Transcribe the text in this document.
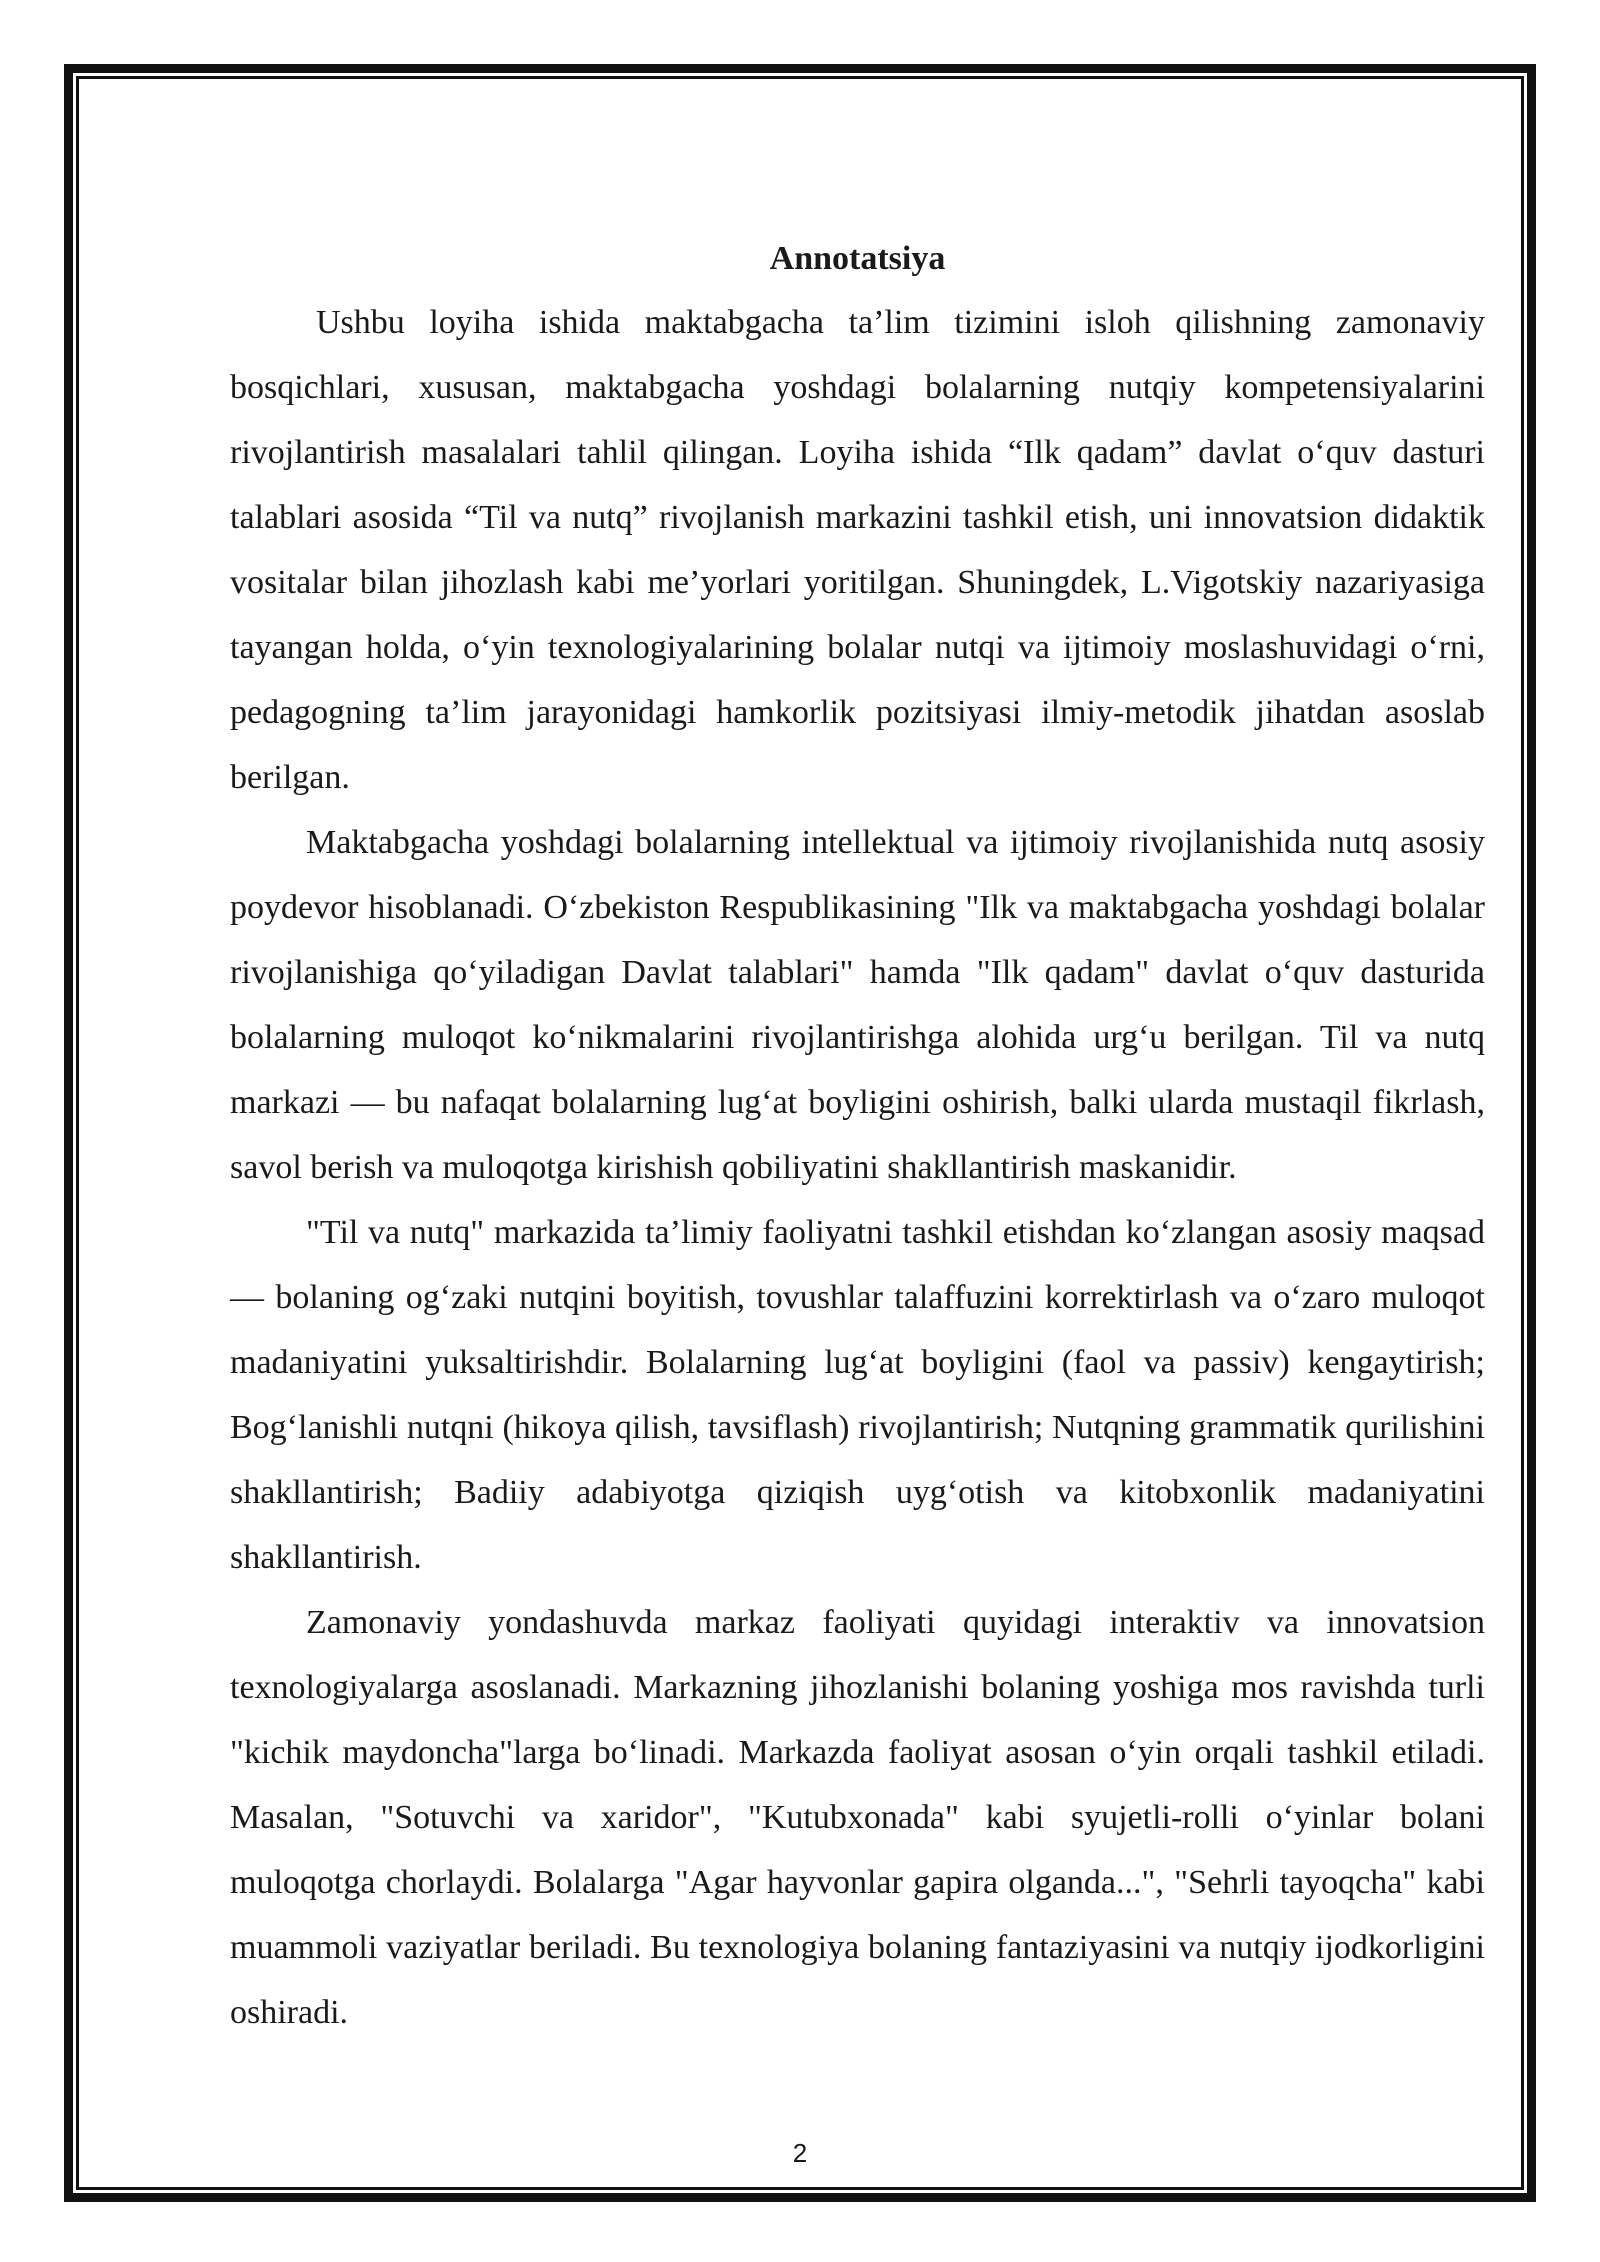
Annotatsiya

Ushbu loyiha ishida maktabgacha ta’lim tizimini isloh qilishning zamonaviy bosqichlari, xususan, maktabgacha yoshdagi bolalarning nutqiy kompetensiyalarini rivojlantirish masalalari tahlil qilingan. Loyiha ishida “Ilk qadam” davlat o‘quv dasturi talablari asosida “Til va nutq” rivojlanish markazini tashkil etish, uni innovatsion didaktik vositalar bilan jihozlash kabi me’yorlari yoritilgan. Shuningdek, L.Vigotskiy nazariyasiga tayangan holda, o‘yin texnologiyalarining bolalar nutqi va ijtimoiy moslashuvidagi o‘rni, pedagogning ta’lim jarayonidagi hamkorlik pozitsiyasi ilmiy-metodik jihatdan asoslab berilgan.

Maktabgacha yoshdagi bolalarning intellektual va ijtimoiy rivojlanishida nutq asosiy poydevor hisoblanadi. O‘zbekiston Respublikasining "Ilk va maktabgacha yoshdagi bolalar rivojlanishiga qo‘yiladigan Davlat talablari" hamda "Ilk qadam" davlat o‘quv dasturida bolalarning muloqot ko‘nikmalarini rivojlantirishga alohida urg‘u berilgan. Til va nutq markazi — bu nafaqat bolalarning lug‘at boyligini oshirish, balki ularda mustaqil fikrlash, savol berish va muloqotga kirishish qobiliyatini shakllantirish maskanidir.

"Til va nutq" markazida ta’limiy faoliyatni tashkil etishdan ko‘zlangan asosiy maqsad — bolaning og‘zaki nutqini boyitish, tovushlar talaffuzini korrektirlash va o‘zaro muloqot madaniyatini yuksaltirishdir. Bolalarning lug‘at boyligini (faol va passiv) kengaytirish; Bog‘lanishli nutqni (hikoya qilish, tavsiflash) rivojlantirish; Nutqning grammatik qurilishini shakllantirish; Badiiy adabiyotga qiziqish uyg‘otish va kitobxonlik madaniyatini shakllantirish.

Zamonaviy yondashuvda markaz faoliyati quyidagi interaktiv va innovatsion texnologiyalarga asoslanadi. Markazning jihozlanishi bolaning yoshiga mos ravishda turli "kichik maydoncha"larga bo‘linadi. Markazda faoliyat asosan o‘yin orqali tashkil etiladi. Masalan, "Sotuvchi va xaridor", "Kutubxonada" kabi syujetli-rolli o‘yinlar bolani muloqotga chorlaydi. Bolalarga "Agar hayvonlar gapira olganda...", "Sehrli tayoqcha" kabi muammoli vaziyatlar beriladi. Bu texnologiya bolaning fantaziyasini va nutqiy ijodkorligini oshiradi.

2
